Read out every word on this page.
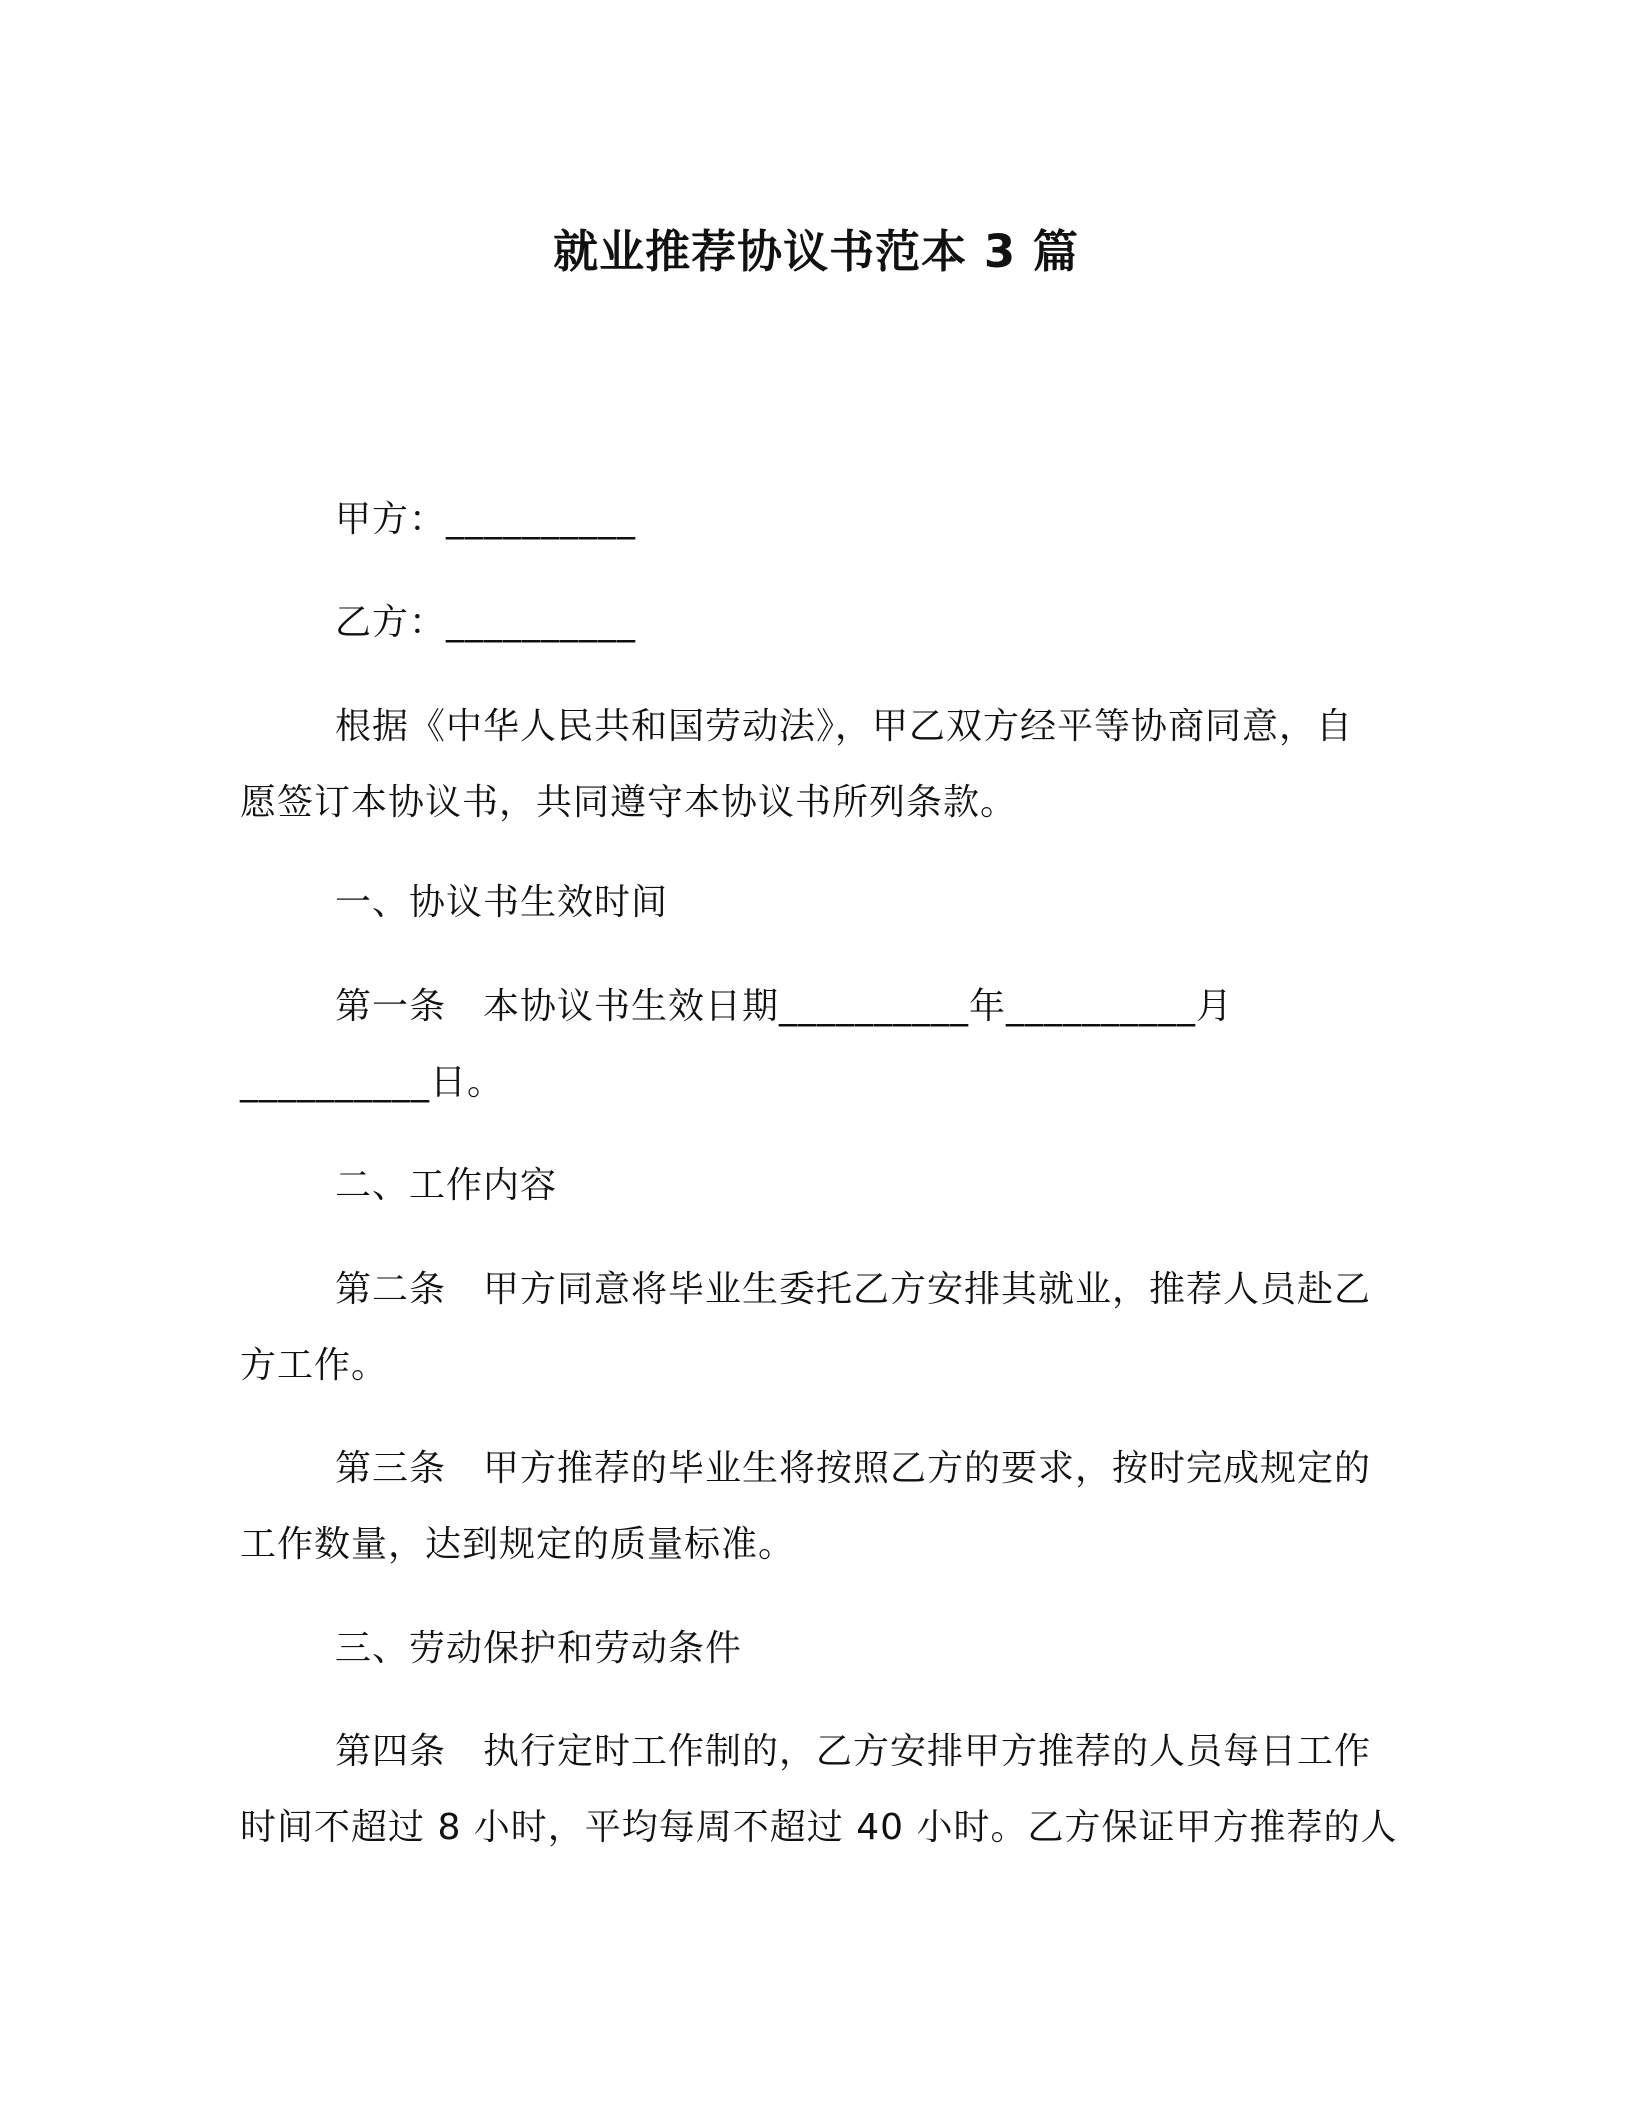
就业推荐协议书范本 3 篇
甲方：__________
乙方：__________
根据《中华人民共和国劳动法》，甲乙双方经平等协商同意，自
愿签订本协议书，共同遵守本协议书所列条款。
一、协议书生效时间
第一条　本协议书生效日期__________年__________月
__________日。
二、工作内容
第二条　甲方同意将毕业生委托乙方安排其就业，推荐人员赴乙
方工作。
第三条　甲方推荐的毕业生将按照乙方的要求，按时完成规定的
工作数量，达到规定的质量标准。
三、劳动保护和劳动条件
第四条　执行定时工作制的，乙方安排甲方推荐的人员每日工作
时间不超过 8 小时，平均每周不超过 40 小时。乙方保证甲方推荐的人
